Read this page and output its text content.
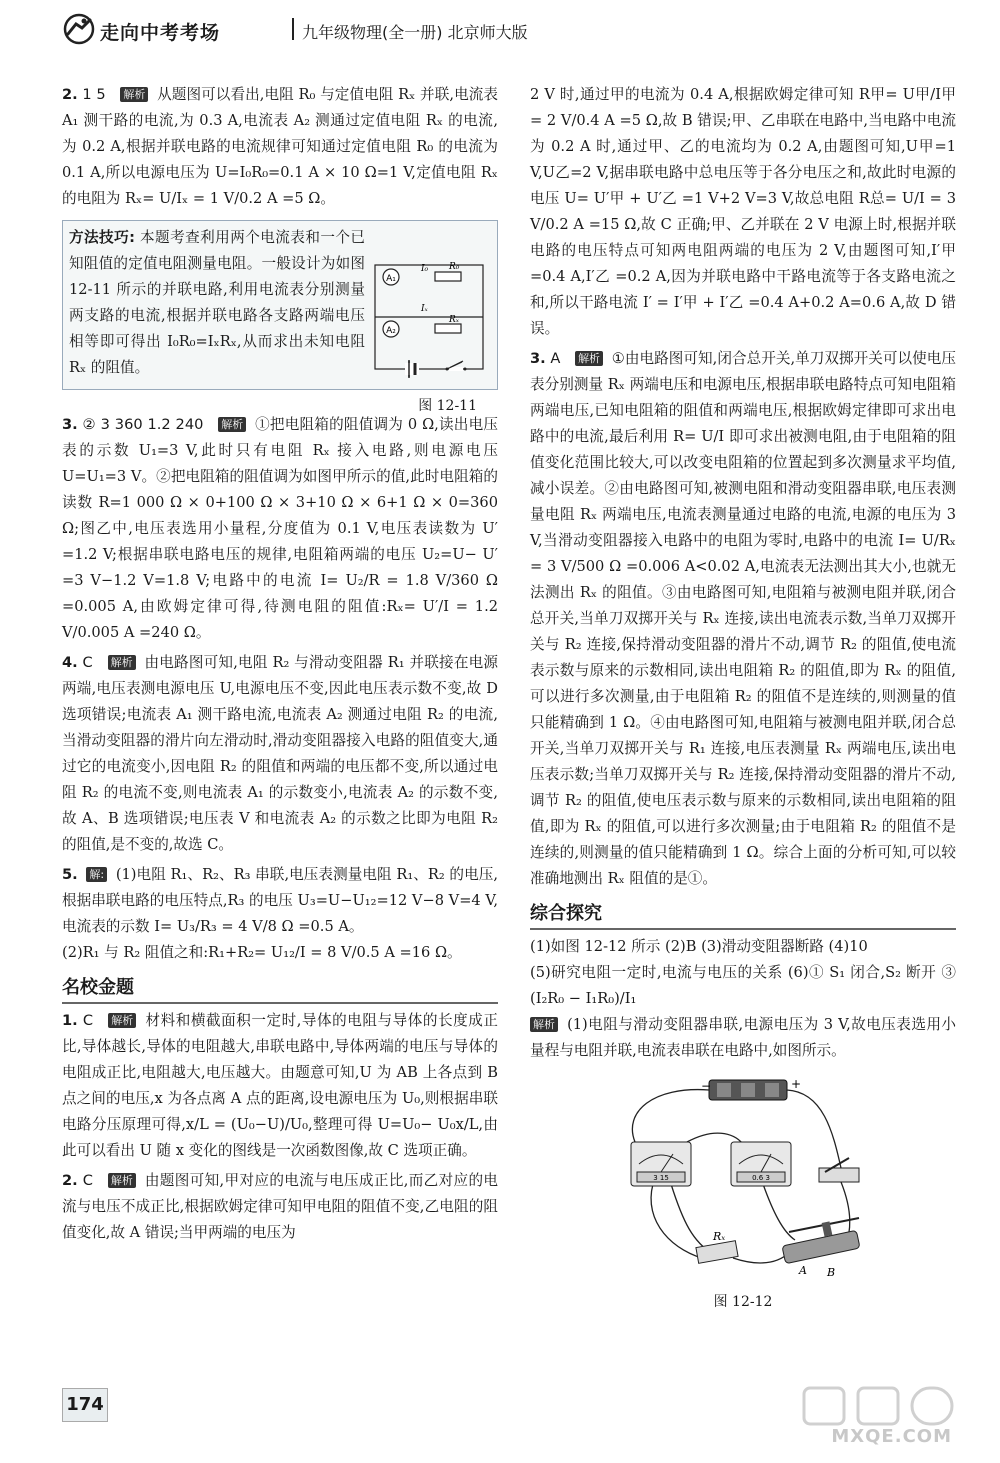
走向中考考场	九年级物理(全一册) 北京师大版
2. 1 5 解析 从题图可以看出,电阻 R₀ 与定值电阻 Rₓ 并联,电流表 A₁ 测干路的电流,为 0.3 A,电流表 A₂ 测通过定值电阻 Rₓ 的电流,为 0.2 A,根据并联电路的电流规律可知通过定值电阻 R₀ 的电流为 0.1 A,所以电源电压为 U=I₀R₀=0.1 A × 10 Ω=1 V,定值电阻 Rₓ 的电阻为 Rₓ= U/Iₓ = 1 V/0.2 A =5 Ω。
方法技巧: 本题考查利用两个电流表和一个已知阻值的定值电阻测量电阻。一般设计为如图 12-11 所示的并联电路,利用电流表分别测量两支路的电流,根据并联电路各支路两端电压相等即可得出 I₀R₀=IₓRₓ,从而求出未知电阻 Rₓ 的阻值。
A₁
I₀ R₀
A₂
Iₓ
Rₓ
图 12-11
3. ② 3 360 1.2 240 解析 ①把电阻箱的阻值调为 0 Ω,读出电压表的示数 U₁=3 V,此时只有电阻 Rₓ 接入电路,则电源电压 U=U₁=3 V。②把电阻箱的阻值调为如图甲所示的值,此时电阻箱的读数 R=1 000 Ω × 0+100 Ω × 3+10 Ω × 6+1 Ω × 0=360 Ω;图乙中,电压表选用小量程,分度值为 0.1 V,电压表读数为 U′ =1.2 V;根据串联电路电压的规律,电阻箱两端的电压 U₂=U− U′ =3 V−1.2 V=1.8 V;电路中的电流 I= U₂/R = 1.8 V/360 Ω =0.005 A,由欧姆定律可得,待测电阻的阻值:Rₓ= U′/I = 1.2 V/0.005 A =240 Ω。
4. C 解析 由电路图可知,电阻 R₂ 与滑动变阻器 R₁ 并联接在电源两端,电压表测电源电压 U,电源电压不变,因此电压表示数不变,故 D 选项错误;电流表 A₁ 测干路电流,电流表 A₂ 测通过电阻 R₂ 的电流,当滑动变阻器的滑片向左滑动时,滑动变阻器接入电路的阻值变大,通过它的电流变小,因电阻 R₂ 的阻值和两端的电压都不变,所以通过电阻 R₂ 的电流不变,则电流表 A₁ 的示数变小,电流表 A₂ 的示数不变,故 A、B 选项错误;电压表 V 和电流表 A₂ 的示数之比即为电阻 R₂ 的阻值,是不变的,故选 C。
5. 解: (1)电阻 R₁、R₂、R₃ 串联,电压表测量电阻 R₁、R₂ 的电压,根据串联电路的电压特点,R₃ 的电压 U₃=U−U₁₂=12 V−8 V=4 V,电流表的示数 I= U₃/R₃ = 4 V/8 Ω =0.5 A。
(2)R₁ 与 R₂ 阻值之和:R₁+R₂= U₁₂/I = 8 V/0.5 A =16 Ω。
名校金题
1. C 解析 材料和横截面积一定时,导体的电阻与导体的长度成正比,导体越长,导体的电阻越大,串联电路中,导体两端的电压与导体的电阻成正比,电阻越大,电压越大。由题意可知,U 为 AB 上各点到 B 点之间的电压,x 为各点离 A 点的距离,设电源电压为 U₀,则根据串联电路分压原理可得,x/L = (U₀−U)/U₀,整理可得 U=U₀− U₀x/L,由此可以看出 U 随 x 变化的图线是一次函数图像,故 C 选项正确。
2. C 解析 由题图可知,甲对应的电流与电压成正比,而乙对应的电流与电压不成正比,根据欧姆定律可知甲电阻的阻值不变,乙电阻的阻值变化,故 A 错误;当甲两端的电压为
2 V 时,通过甲的电流为 0.4 A,根据欧姆定律可知 R甲= U甲/I甲 = 2 V/0.4 A =5 Ω,故 B 错误;甲、乙串联在电路中,当电路中电流为 0.2 A 时,通过甲、乙的电流均为 0.2 A,由题图可知,U甲=1 V,U乙=2 V,据串联电路中总电压等于各分电压之和,故此时电源的电压 U= U′甲 + U′乙 =1 V+2 V=3 V,故总电阻 R总= U/I = 3 V/0.2 A =15 Ω,故 C 正确;甲、乙并联在 2 V 电源上时,根据并联电路的电压特点可知两电阻两端的电压为 2 V,由题图可知,I′甲 =0.4 A,I′乙 =0.2 A,因为并联电路中干路电流等于各支路电流之和,所以干路电流 I′ = I′甲 + I′乙 =0.4 A+0.2 A=0.6 A,故 D 错误。
3. A 解析 ①由电路图可知,闭合总开关,单刀双掷开关可以使电压表分别测量 Rₓ 两端电压和电源电压,根据串联电路特点可知电阻箱两端电压,已知电阻箱的阻值和两端电压,根据欧姆定律即可求出电路中的电流,最后利用 R= U/I 即可求出被测电阻,由于电阻箱的阻值变化范围比较大,可以改变电阻箱的位置起到多次测量求平均值,减小误差。②由电路图可知,被测电阻和滑动变阻器串联,电压表测量电阻 Rₓ 两端电压,电流表测量通过电路的电流,电源的电压为 3 V,当滑动变阻器接入电路中的电阻为零时,电路中的电流 I= U/Rₓ = 3 V/500 Ω =0.006 A<0.02 A,电流表无法测出其大小,也就无法测出 Rₓ 的阻值。③由电路图可知,电阻箱与被测电阻并联,闭合总开关,当单刀双掷开关与 Rₓ 连接,读出电流表示数,当单刀双掷开关与 R₂ 连接,保持滑动变阻器的滑片不动,调节 R₂ 的阻值,使电流表示数与原来的示数相同,读出电阻箱 R₂ 的阻值,即为 Rₓ 的阻值,可以进行多次测量,由于电阻箱 R₂ 的阻值不是连续的,则测量的值只能精确到 1 Ω。④由电路图可知,电阻箱与被测电阻并联,闭合总开关,当单刀双掷开关与 R₁ 连接,电压表测量 Rₓ 两端电压,读出电压表示数;当单刀双掷开关与 R₂ 连接,保持滑动变阻器的滑片不动,调节 R₂ 的阻值,使电压表示数与原来的示数相同,读出电阻箱的阻值,即为 Rₓ 的阻值,可以进行多次测量;由于电阻箱 R₂ 的阻值不是连续的,则测量的值只能精确到 1 Ω。综合上面的分析可知,可以较准确地测出 Rₓ 阻值的是①。
综合探究
(1)如图 12-12 所示 (2)B (3)滑动变阻器断路 (4)10
(5)研究电阻一定时,电流与电压的关系 (6)① S₁ 闭合,S₂ 断开 ③ (I₂R₀ − I₁R₀)/I₁
解析 (1)电阻与滑动变阻器串联,电源电压为 3 V,故电压表选用小量程与电阻并联,电流表串联在电路中,如图所示。
−	+
3 15	0.6 3
Rₓ
A B
图 12-12
174
MXQE.COM
